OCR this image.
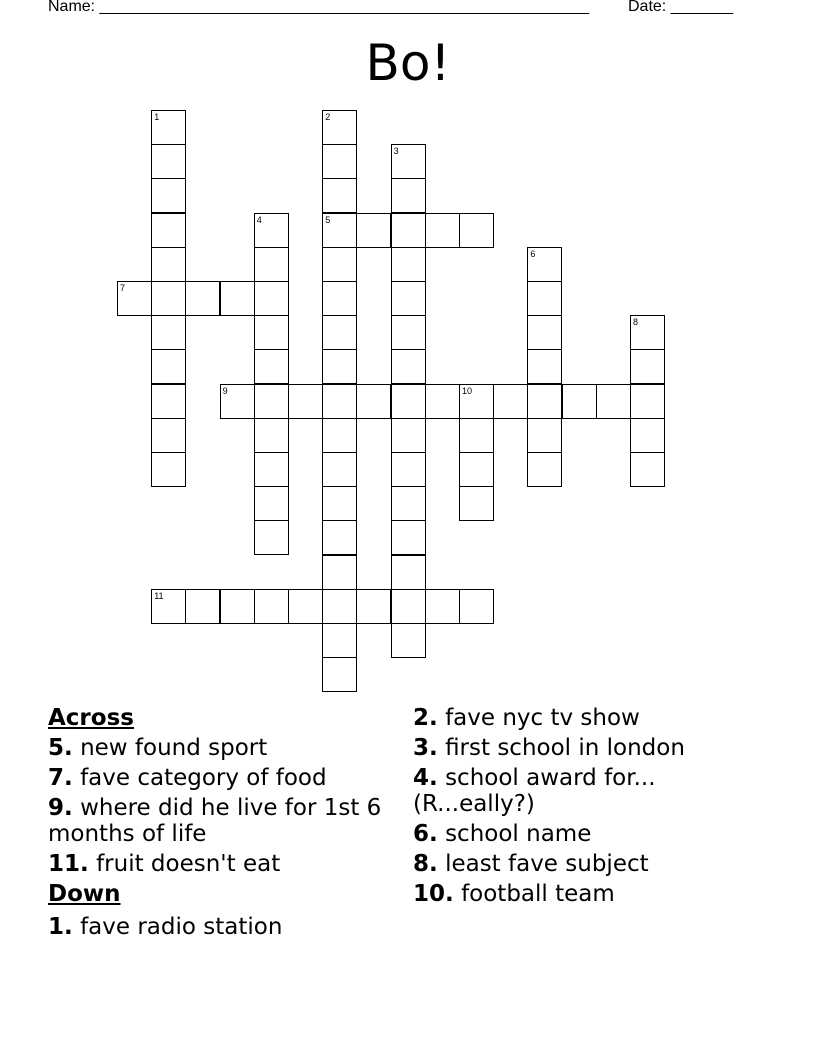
Name: _______________________________________________________ Date: _______
Bo!
1	2
3
4	5
6
7
8
9	10
11
Across
5. new found sport
7. fave category of food
9. where did he live for 1st 6 months of life
11. fruit doesn't eat
Down
1. fave radio station
2. fave nyc tv show
3. first school in london
4. school award for... (R...eally?)
6. school name
8. least fave subject
10. football team
